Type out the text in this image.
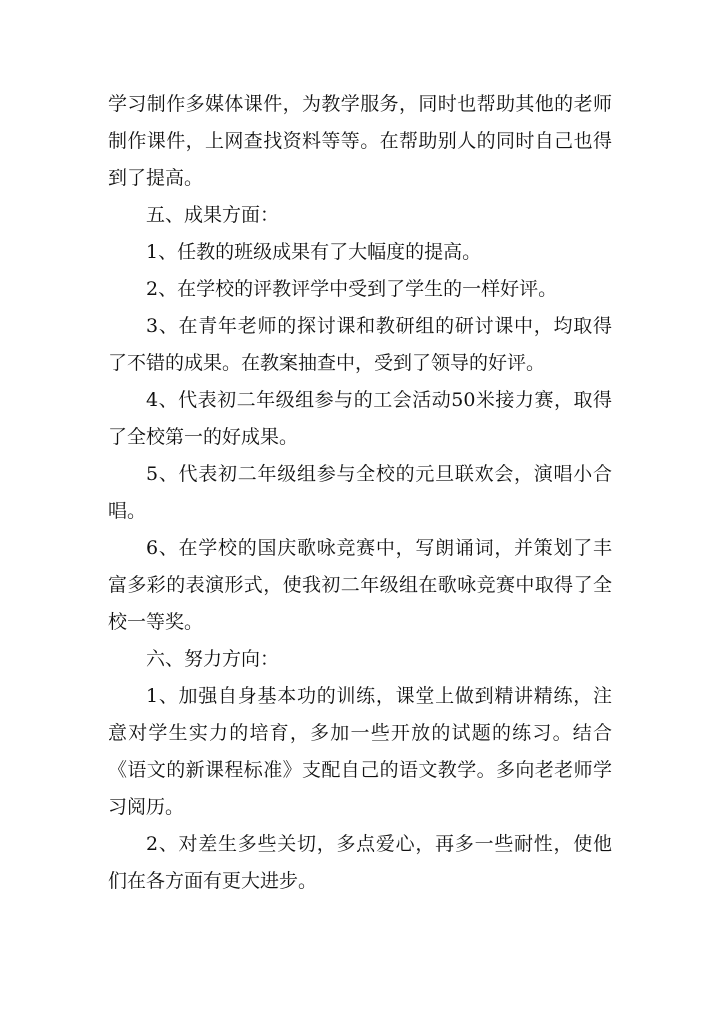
学习制作多媒体课件，为教学服务，同时也帮助其他的老师制作课件，上网查找资料等等。在帮助别人的同时自己也得到了提高。

五、成果方面：

1、任教的班级成果有了大幅度的提高。

2、在学校的评教评学中受到了学生的一样好评。

3、在青年老师的探讨课和教研组的研讨课中，均取得了不错的成果。在教案抽查中，受到了领导的好评。

4、代表初二年级组参与的工会活动50米接力赛，取得了全校第一的好成果。

5、代表初二年级组参与全校的元旦联欢会，演唱小合唱。

6、在学校的国庆歌咏竞赛中，写朗诵词，并策划了丰富多彩的表演形式，使我初二年级组在歌咏竞赛中取得了全校一等奖。

六、努力方向：

1、加强自身基本功的训练，课堂上做到精讲精练，注意对学生实力的培育，多加一些开放的试题的练习。结合《语文的新课程标准》支配自己的语文教学。多向老老师学习阅历。

2、对差生多些关切，多点爱心，再多一些耐性，使他们在各方面有更大进步。
